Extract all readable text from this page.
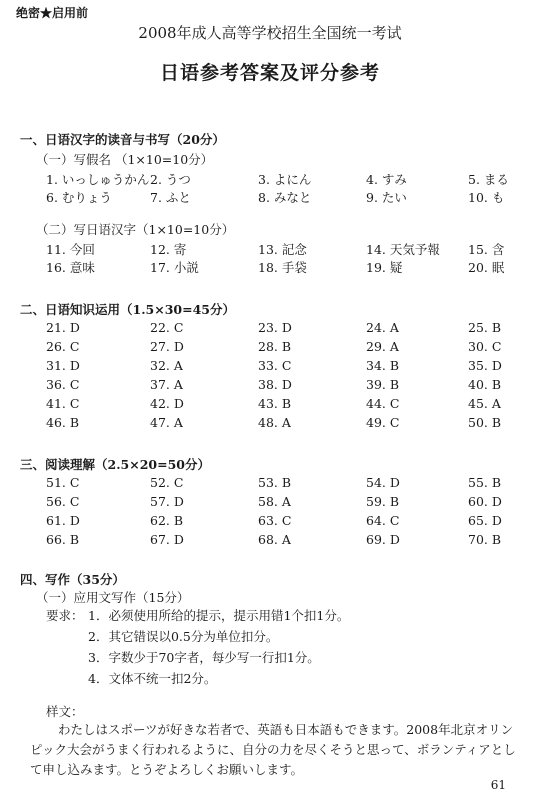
绝密★启用前
2008年成人高等学校招生全国统一考试
日语参考答案及评分参考
一、日语汉字的读音与书写（20分）
（一）写假名 （1×10=10分）
1. いっしゅうかん 2. うつ	3. よにん	4. すみ	5. まる
6. むりょう	7. ふと	8. みなと	9. たい	10. も
（二）写日语汉字（1×10=10分）
11. 今回	12. 寄	13. 記念	14. 天気予報 15. 含
16. 意味	17. 小説	18. 手袋	19. 疑	20. 眠
二、日语知识运用（1.5×30=45分）
21. D	22. C	23. D	24. A	25. B
26. C	27. D	28. B	29. A	30. C
31. D	32. A	33. C	34. B	35. D
36. C	37. A	38. D	39. B	40. B
41. C	42. D	43. B	44. C	45. A
46. B	47. A	48. A	49. C	50. B
三、阅读理解（2.5×20=50分）
51. C	52. C	53. B	54. D	55. B
56. C	57. D	58. A	59. B	60. D
61. D	62. B	63. C	64. C	65. D
66. B	67. D	68. A	69. D	70. B
四、写作（35分）
（一）应用文写作（15分）
要求： 1．必须使用所给的提示，提示用错1个扣1分。
2．其它错误以0.5分为单位扣分。
3．字数少于70字者，每少写一行扣1分。
4．文体不统一扣2分。
样文：
わたしはスポーツが好きな若者で、英語も日本語もできます。2008年北京オリンピック大会がうまく行われるように、自分の力を尽くそうと思って、ボランティアとして申し込みます。とうぞよろしくお願いします。
61
